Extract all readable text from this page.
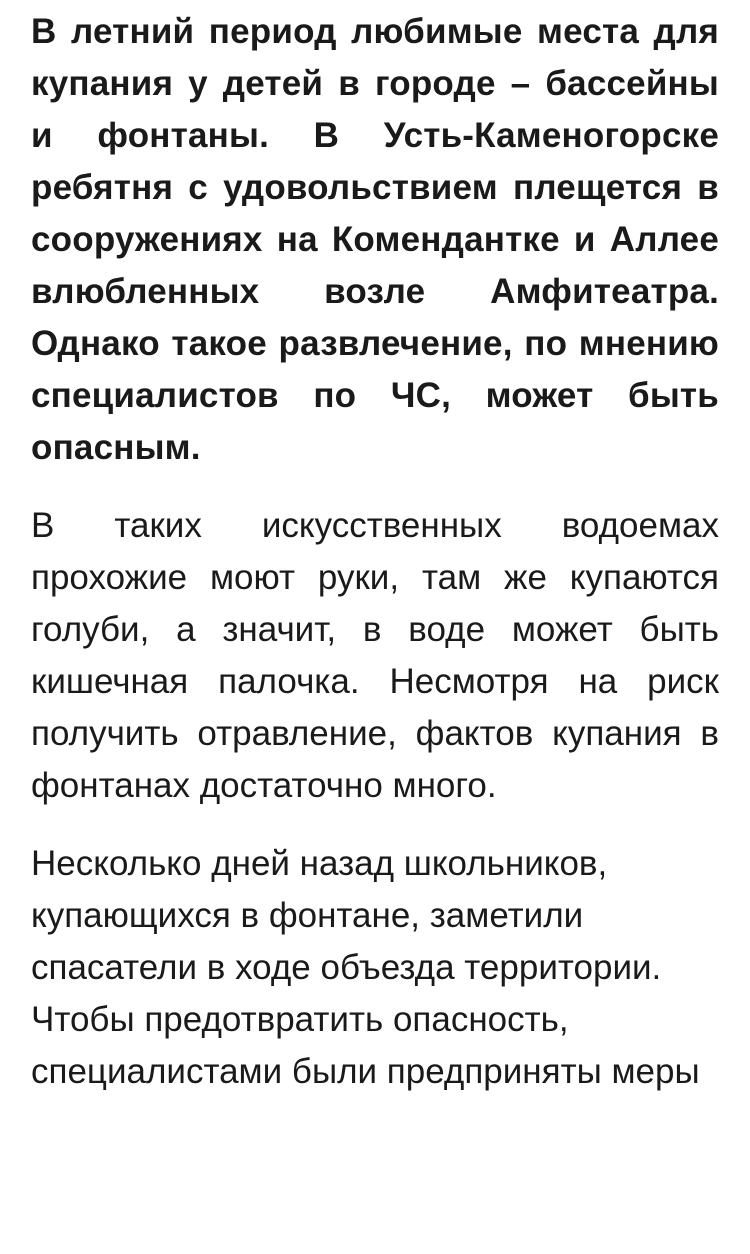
В летний период любимые места для купания у детей в городе – бассейны и фонтаны. В Усть-Каменогорске ребятня с удовольствием плещется в сооружениях на Комендантке и Аллее влюбленных возле Амфитеатра. Однако такое развлечение, по мнению специалистов по ЧС, может быть опасным.

В таких искусственных водоемах прохожие моют руки, там же купаются голуби, а значит, в воде может быть кишечная палочка. Несмотря на риск получить отравление, фактов купания в фонтанах достаточно много.

Несколько дней назад школьников, купающихся в фонтане, заметили спасатели в ходе объезда территории. Чтобы предотвратить опасность, специалистами были предприняты меры
